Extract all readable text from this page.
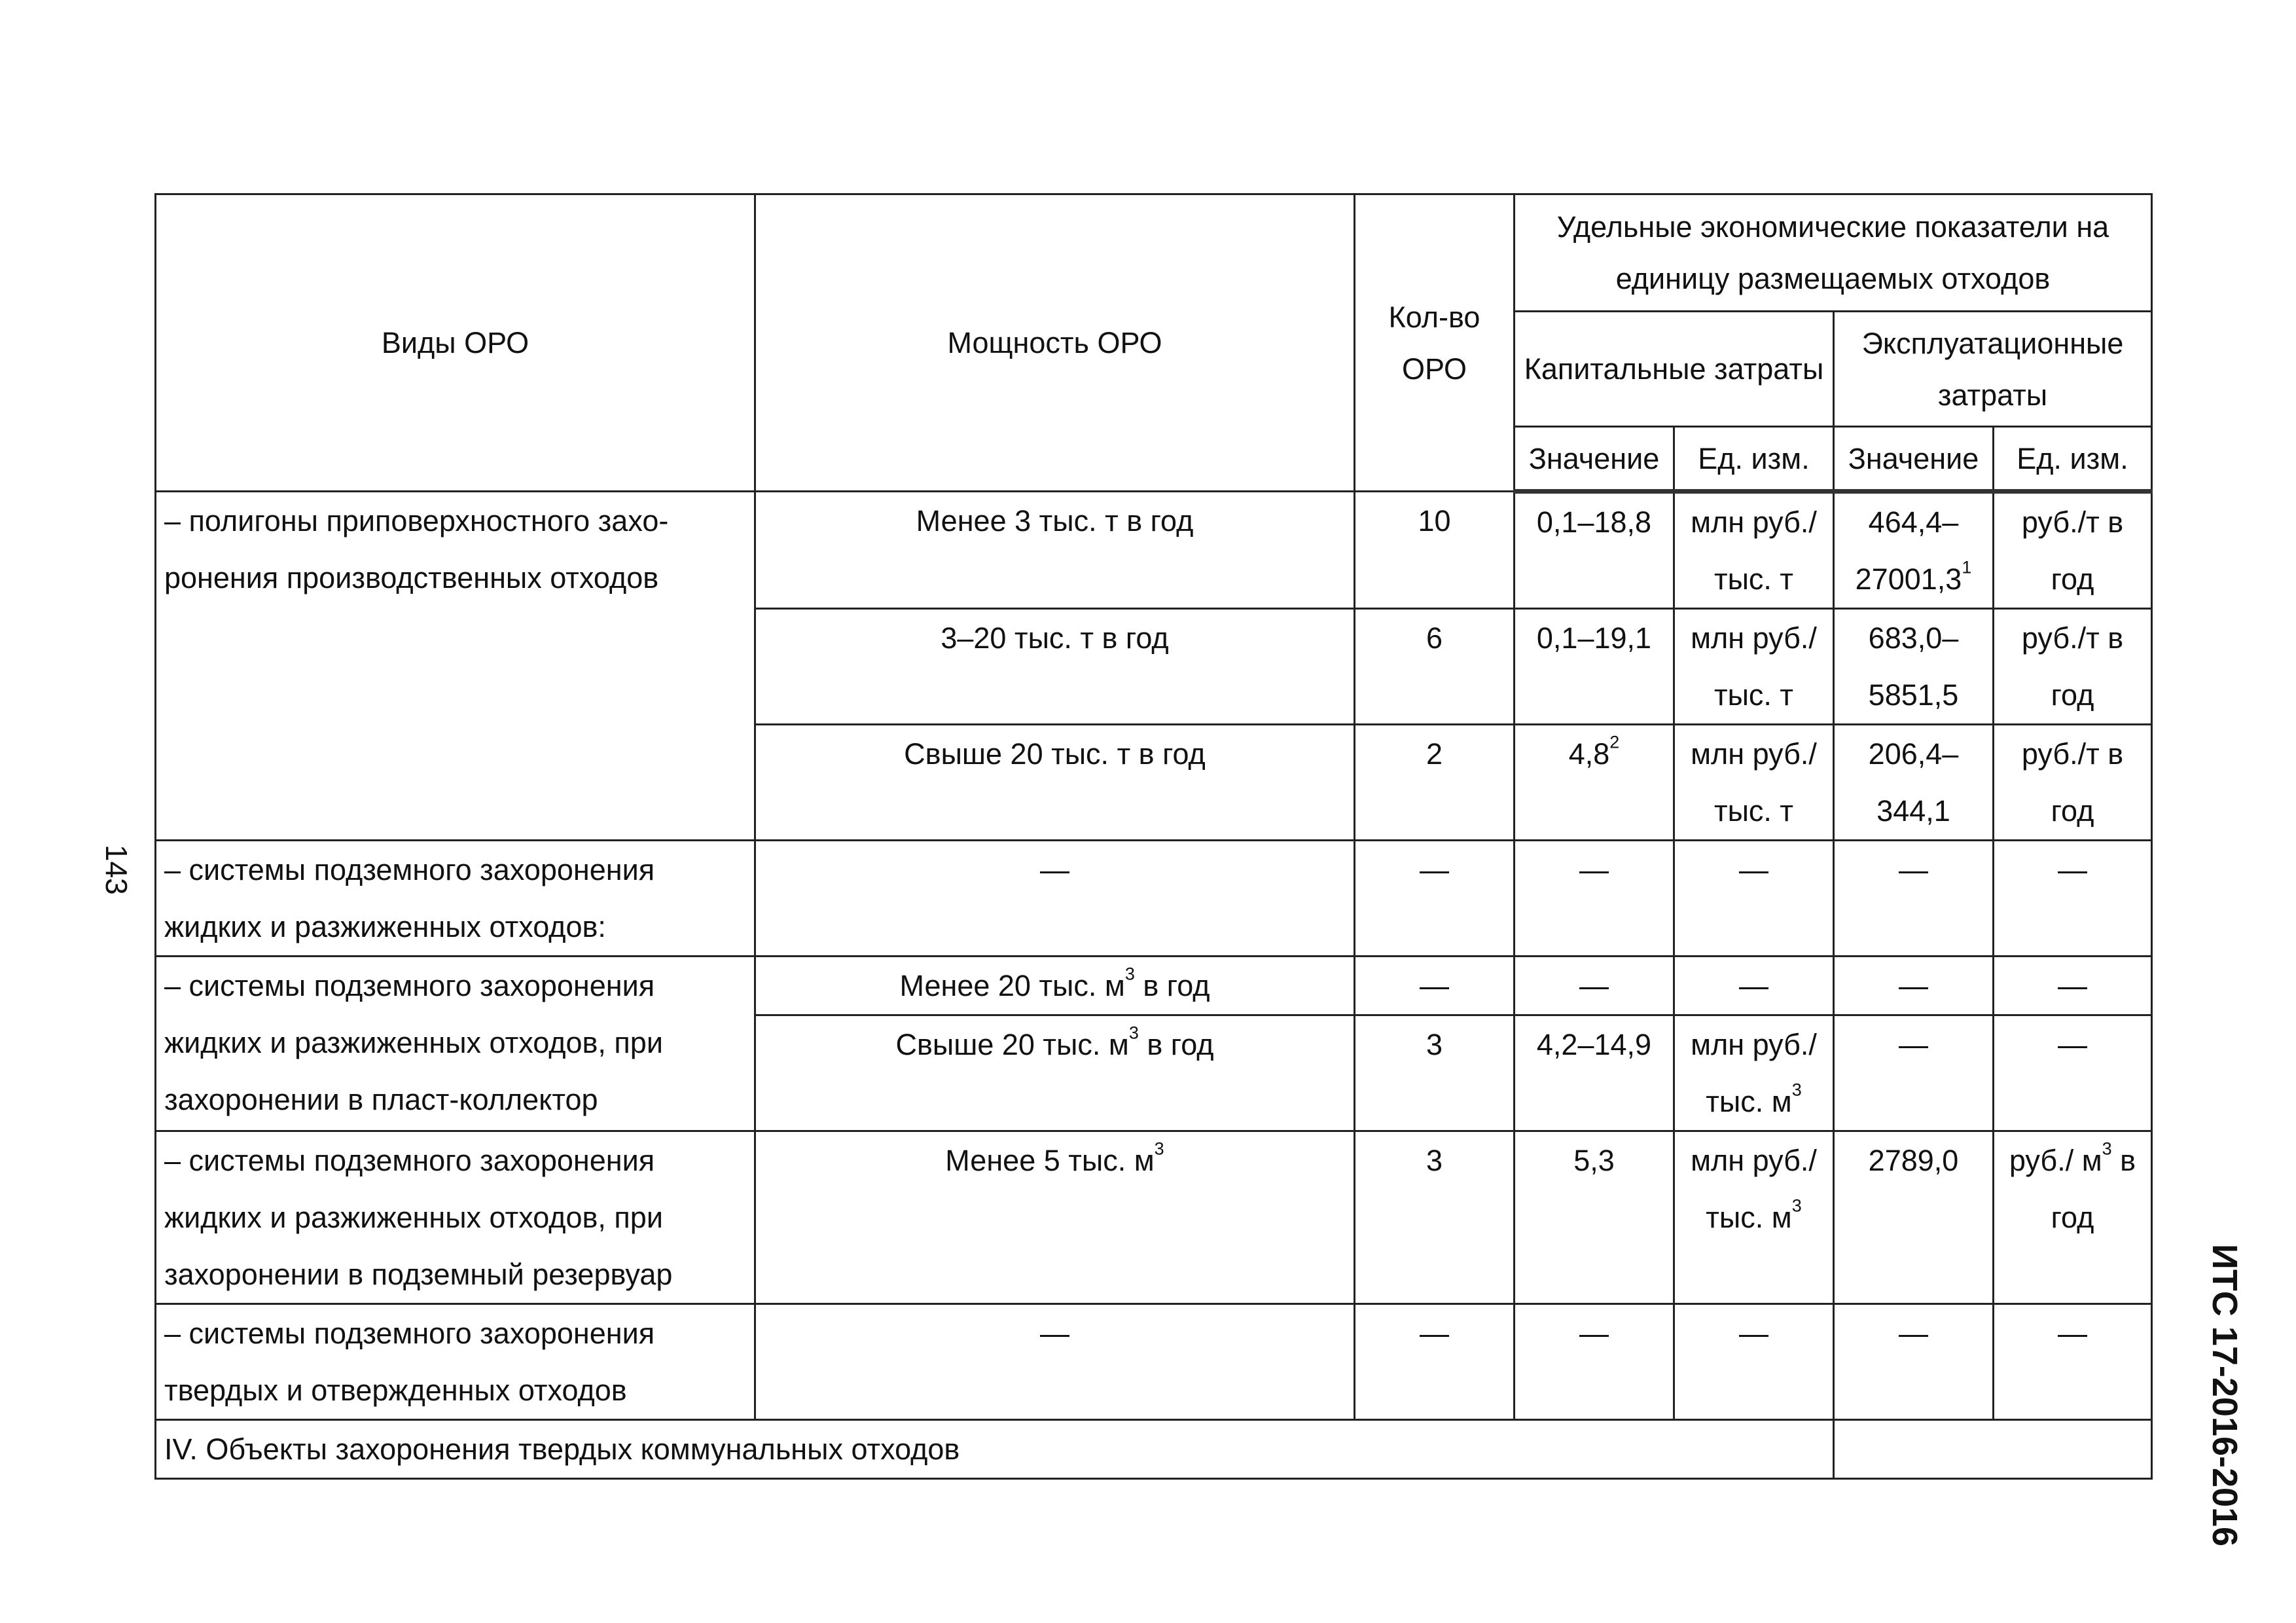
Виды ОРО	Мощность ОРО	Кол-во ОРО	Удельные экономические показатели на единицу размещаемых отходов			
			Капитальные затраты		Эксплуатационные затраты	
			Значение	Ед. изм.	Значение	Ед. изм.
– полигоны приповерхностного захоронения производственных отходов	Менее 3 тыс. т в год	10	0,1–18,8	млн руб./ тыс. т	464,4– 27001,3$^1$	руб./т в год
	3–20 тыс. т в год	6	0,1–19,1	млн руб./ тыс. т	683,0– 5851,5	руб./т в год
	Свыше 20 тыс. т в год	2	$4,8^2$	млн руб./ тыс. т	206,4– 344,1	руб./т в год
– системы подземного захоронения жидких и разжиженных отходов:	—	—	—	—	—	—
– системы подземного захоронения жидких и разжиженных отходов, при захоронении в пласт-коллектор	Менее 20 тыс. $м^3$ в год	—	—	—	—	—
	Свыше 20 тыс. $м^3$ в год	3	4,2–14,9	млн руб./ тыс. $м^3$	—	—
– системы подземного захоронения жидких и разжиженных отходов, при захоронении в подземный резервуар	Менее 5 тыс. $м^3$	3	5,3	млн руб./ тыс. $м^3$	2789,0	руб./ $м^3$ в год
– системы подземного захоронения твердых и отвержденных отходов	—	—	—	—	—	—
IV. Объекты захоронения твердых коммунальных отходов						
143
ИТС 17-2016-2016
